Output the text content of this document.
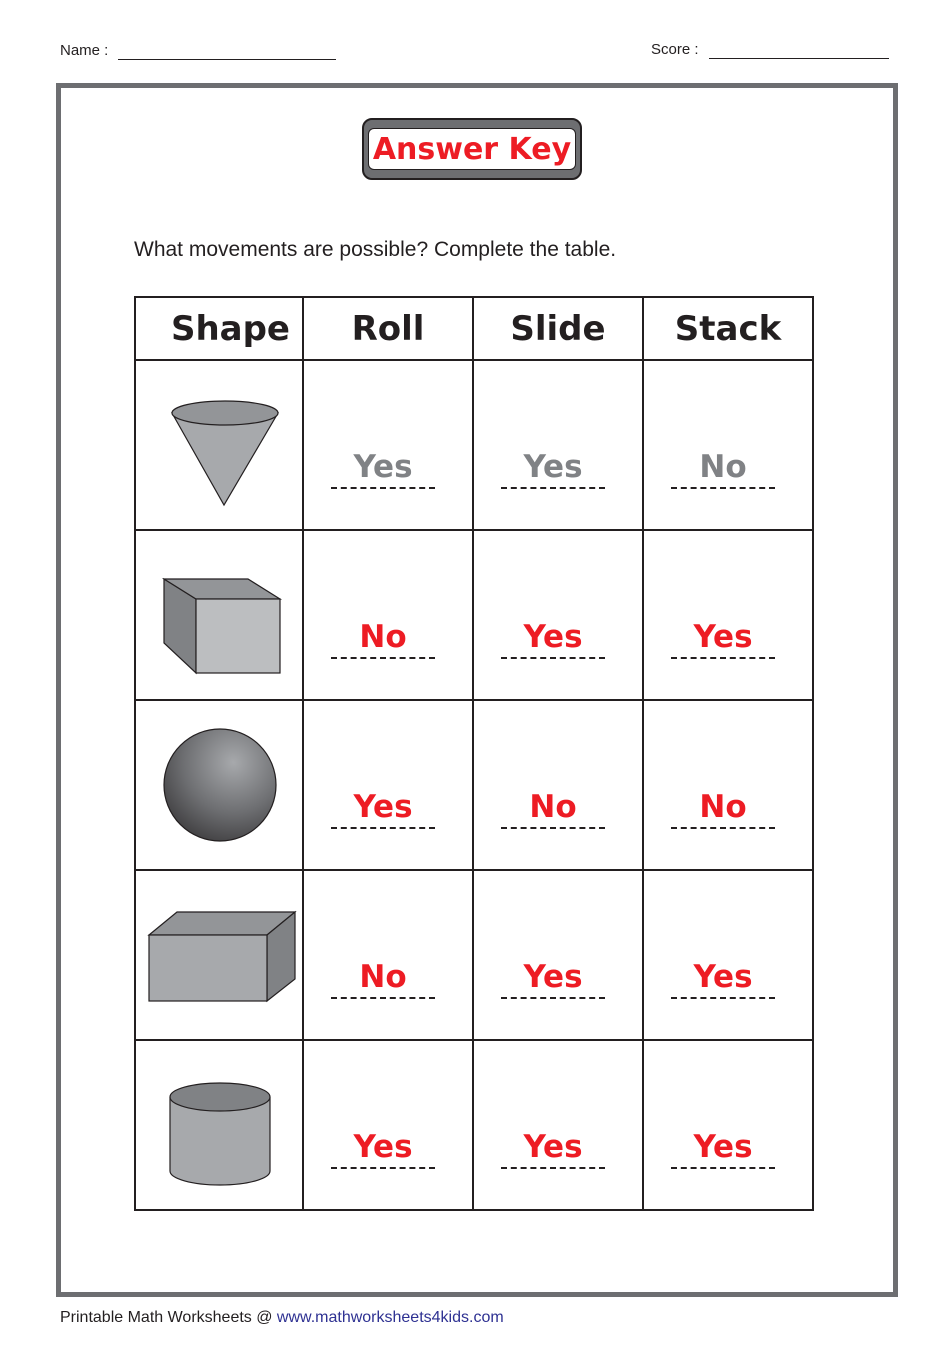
Name :	Score :
Answer Key
What movements are possible? Complete the table.
Shape	Roll	Slide	Stack

Yes	Yes	No

No	Yes	Yes

Yes	No	No

No	Yes	Yes

Yes	Yes	Yes
Printable Math Worksheets @ www.mathworksheets4kids.com
